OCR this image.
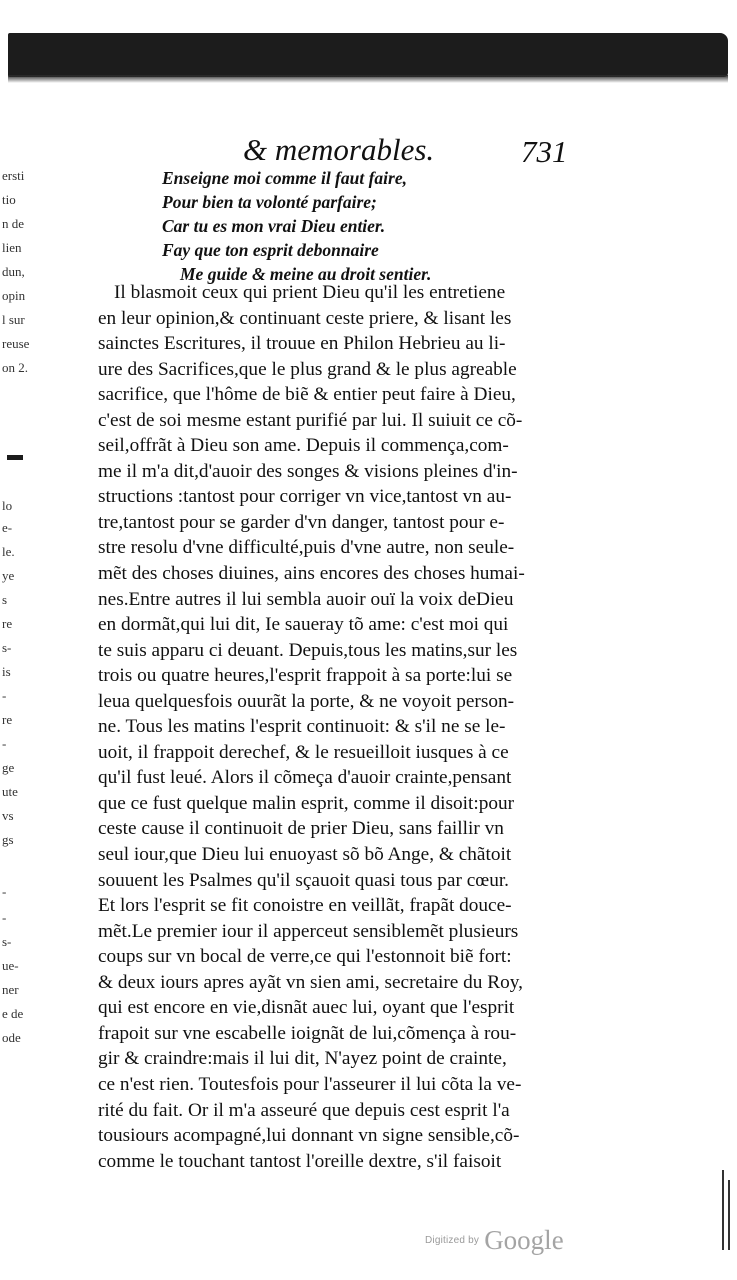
ersti
tio
n de
lien
dun,
opin
l sur
reuse
on 2.
lo
e-
le.
ye
s
re
s-
is
-
re
-
ge
ute
vs
gs
-
-
s-
ue-
ner
e de
ode
& memorables.	731
Enseigne moi comme il faut faire,
Pour bien ta volonté parfaire;
Car tu es mon vrai Dieu entier.
Fay que ton esprit debonnaire
Me guide & meine au droit sentier.
Il blasmoit ceux qui prient Dieu qu'il les entretiene
en leur opinion,& continuant ceste priere, & lisant les
sainctes Escritures, il trouue en Philon Hebrieu au li-
ure des Sacrifices,que le plus grand & le plus agreable
sacrifice, que l'hôme de biẽ & entier peut faire à Dieu,
c'est de soi mesme estant purifié par lui. Il suiuit ce cõ-
seil,offrãt à Dieu son ame. Depuis il commença,com-
me il m'a dit,d'auoir des songes & visions pleines d'in-
structions :tantost pour corriger vn vice,tantost vn au-
tre,tantost pour se garder d'vn danger, tantost pour e-
stre resolu d'vne difficulté,puis d'vne autre, non seule-
mẽt des choses diuines, ains encores des choses humai-
nes.Entre autres il lui sembla auoir ouï la voix deDieu
en dormãt,qui lui dit, Ie saueray tõ ame: c'est moi qui
te suis apparu ci deuant. Depuis,tous les matins,sur les
trois ou quatre heures,l'esprit frappoit à sa porte:lui se
leua quelquesfois ouurãt la porte, & ne voyoit person-
ne. Tous les matins l'esprit continuoit: & s'il ne se le-
uoit, il frappoit derechef, & le resueilloit iusques à ce
qu'il fust leué. Alors il cõmeça d'auoir crainte,pensant
que ce fust quelque malin esprit, comme il disoit:pour
ceste cause il continuoit de prier Dieu, sans faillir vn
seul iour,que Dieu lui enuoyast sõ bõ Ange, & chãtoit
souuent les Psalmes qu'il sçauoit quasi tous par cœur.
Et lors l'esprit se fit conoistre en veillãt, frapãt douce-
mẽt.Le premier iour il apperceut sensiblemẽt plusieurs
coups sur vn bocal de verre,ce qui l'estonnoit biẽ fort:
& deux iours apres ayãt vn sien ami, secretaire du Roy,
qui est encore en vie,disnãt auec lui, oyant que l'esprit
frapoit sur vne escabelle ioignãt de lui,cõmença à rou-
gir & craindre:mais il lui dit, N'ayez point de crainte,
ce n'est rien. Toutesfois pour l'asseurer il lui cõta la ve-
rité du fait. Or il m'a asseuré que depuis cest esprit l'a
tousiours acompagné,lui donnant vn signe sensible,cõ-
comme le touchant tantost l'oreille dextre, s'il faisoit
Digitized by Google
